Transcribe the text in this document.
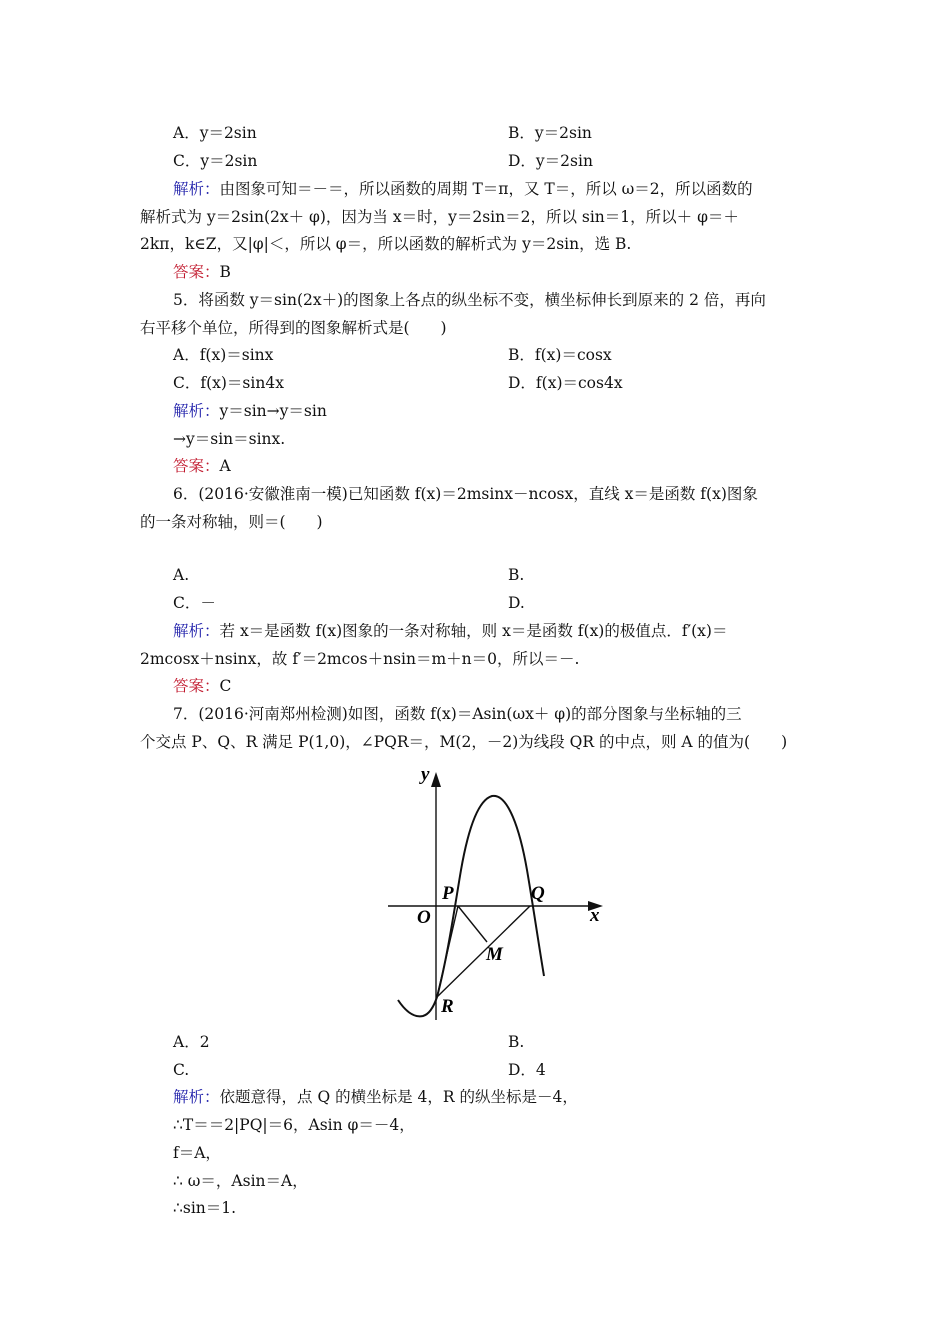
A．y＝2sin	B．y＝2sin
C．y＝2sin	D．y＝2sin
解析：由图象可知＝－＝，所以函数的周期 T＝π，又 T＝，所以 ω＝2，所以函数的
解析式为 y＝2sin(2x＋ φ)，因为当 x＝时，y＝2sin＝2，所以 sin＝1，所以＋ φ＝＋
2kπ，k∈Z，又|φ|＜，所以 φ＝，所以函数的解析式为 y＝2sin，选 B.
答案：B
5．将函数 y＝sin(2x＋)的图象上各点的纵坐标不变，横坐标伸长到原来的 2 倍，再向
右平移个单位，所得到的图象解析式是(　　)
A．f(x)＝sinx	B．f(x)＝cosx
C．f(x)＝sin4x	D．f(x)＝cos4x
解析：y＝sin→y＝sin
→y＝sin＝sinx.
答案：A
6．(2016·安徽淮南一模)已知函数 f(x)＝2msinx－ncosx，直线 x＝是函数 f(x)图象
的一条对称轴，则＝(　　)
A.	B.
C．－	D.
解析：若 x＝是函数 f(x)图象的一条对称轴，则 x＝是函数 f(x)的极值点．f′(x)＝
2mcosx＋nsinx，故 f′＝2mcos＋nsin＝m＋n＝0，所以＝－.
答案：C
7．(2016·河南郑州检测)如图，函数 f(x)＝Asin(ωx＋ φ)的部分图象与坐标轴的三
个交点 P、Q、R 满足 P(1,0)，∠PQR＝，M(2，－2)为线段 QR 的中点，则 A 的值为(　　)
y
x
O
P	Q
M
R
A．2	B.
C.	D．4
解析：依题意得，点 Q 的横坐标是 4，R 的纵坐标是－4，
∴T＝＝2|PQ|＝6，Asin φ＝－4，
f＝A，
∴ ω＝，Asin＝A，
∴sin＝1.
